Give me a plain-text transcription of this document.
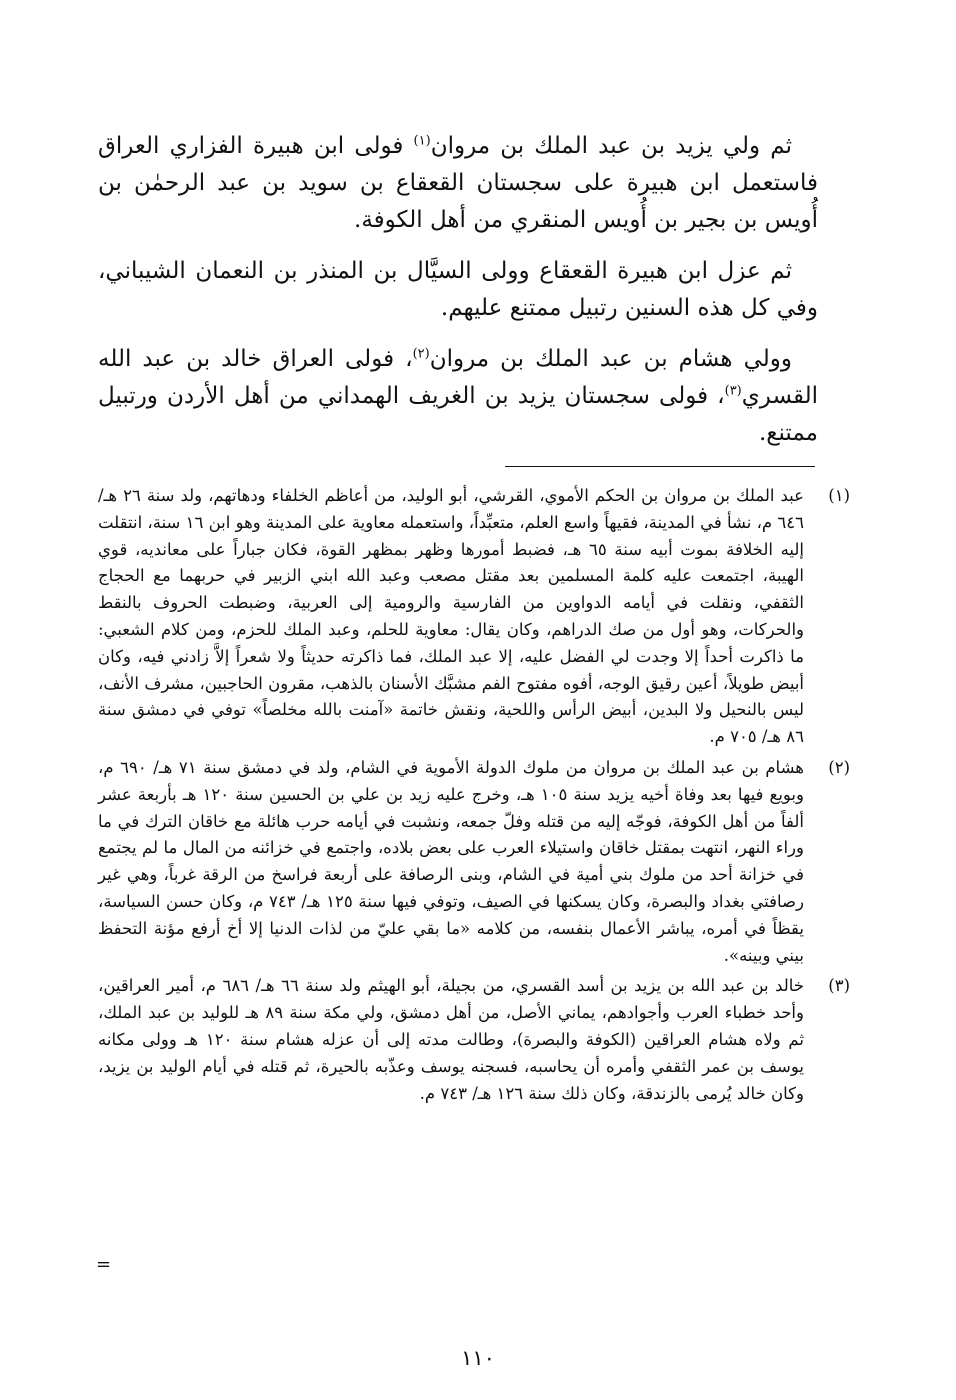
ثم ولي يزيد بن عبد الملك بن مروان$^{(١)}$ فولى ابن هبيرة الفزاري العراق فاستعمل ابن هبيرة على سجستان القعقاع بن سويد بن عبد الرحمٰن بن أُويس بن بجير بن أُويس المنقري من أهل الكوفة.

ثم عزل ابن هبيرة القعقاع وولى السيَّال بن المنذر بن النعمان الشيباني، وفي كل هذه السنين رتبيل ممتنع عليهم.

وولي هشام بن عبد الملك بن مروان$^{(٢)}$، فولى العراق خالد بن عبد الله القسري$^{(٣)}$، فولى سجستان يزيد بن الغريف الهمداني من أهل الأردن ورتبيل ممتنع.

(١)
عبد الملك بن مروان بن الحكم الأموي، القرشي، أبو الوليد، من أعاظم الخلفاء ودهاتهم، ولد سنة ٢٦ هـ/ ٦٤٦ م، نشأ في المدينة، فقيهاً واسع العلم، متعبِّداً، واستعمله معاوية على المدينة وهو ابن ١٦ سنة، انتقلت إليه الخلافة بموت أبيه سنة ٦٥ هـ، فضبط أمورها وظهر بمظهر القوة، فكان جباراً على معانديه، قوي الهيبة، اجتمعت عليه كلمة المسلمين بعد مقتل مصعب وعبد الله ابني الزبير في حربهما مع الحجاج الثقفي، ونقلت في أيامه الدواوين من الفارسية والرومية إلى العربية، وضبطت الحروف بالنقط والحركات، وهو أول من صك الدراهم، وكان يقال: معاوية للحلم، وعبد الملك للحزم، ومن كلام الشعبي: ما ذاكرت أحداً إلا وجدت لي الفضل عليه، إلا عبد الملك، فما ذاكرته حديثاً ولا شعراً إلاَّ زادني فيه، وكان أبيض طويلاً، أعين رقيق الوجه، أفوه مفتوح الفم مشبَّك الأسنان بالذهب، مقرون الحاجبين، مشرف الأنف، ليس بالنحيل ولا البدين، أبيض الرأس واللحية، ونقش خاتمة «آمنت بالله مخلصاً» توفي في دمشق سنة ٨٦ هـ/ ٧٠٥ م.
(٢)
هشام بن عبد الملك بن مروان من ملوك الدولة الأموية في الشام، ولد في دمشق سنة ٧١ هـ/ ٦٩٠ م، وبويع فيها بعد وفاة أخيه يزيد سنة ١٠٥ هـ، وخرج عليه زيد بن علي بن الحسين سنة ١٢٠ هـ بأربعة عشر ألفاً من أهل الكوفة، فوجّه إليه من قتله وفلّ جمعه، ونشبت في أيامه حرب هائلة مع خاقان الترك في ما وراء النهر، انتهت بمقتل خاقان واستيلاء العرب على بعض بلاده، واجتمع في خزائنه من المال ما لم يجتمع في خزانة أحد من ملوك بني أمية في الشام، وبنى الرصافة على أربعة فراسخ من الرقة غرباً، وهي غير رصافتي بغداد والبصرة، وكان يسكنها في الصيف، وتوفي فيها سنة ١٢٥ هـ/ ٧٤٣ م، وكان حسن السياسة، يقظاً في أمره، يباشر الأعمال بنفسه، من كلامه «ما بقي عليّ من لذات الدنيا إلا أخ أرفع مؤنة التحفظ بيني وبينه».
(٣)
خالد بن عبد الله بن يزيد بن أسد القسري، من بجيلة، أبو الهيثم ولد سنة ٦٦ هـ/ ٦٨٦ م، أمير العراقين، وأحد خطباء العرب وأجوادهم، يماني الأصل، من أهل دمشق، ولي مكة سنة ٨٩ هـ للوليد بن عبد الملك، ثم ولاه هشام العراقين (الكوفة والبصرة)، وطالت مدته إلى أن عزله هشام سنة ١٢٠ هـ وولى مكانه يوسف بن عمر الثقفي وأمره أن يحاسبه، فسجنه يوسف وعذّبه بالحيرة، ثم قتله في أيام الوليد بن يزيد، وكان خالد يُرمى بالزندقة، وكان ذلك سنة ١٢٦ هـ/ ٧٤٣ م.
=
١١٠
